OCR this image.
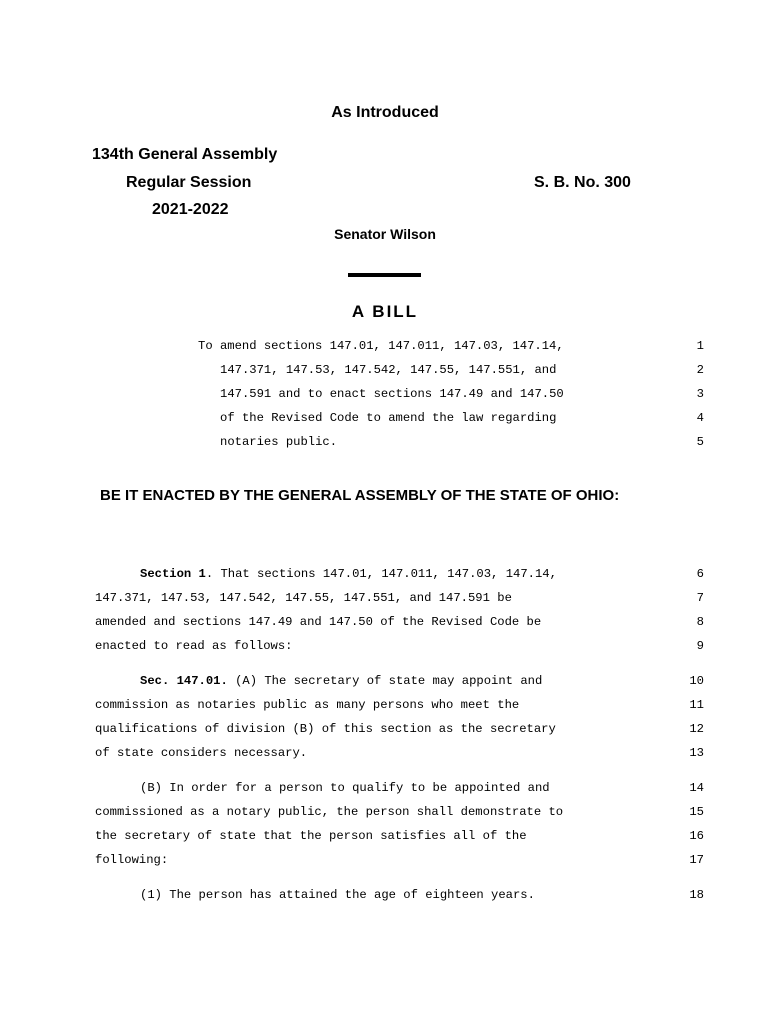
As Introduced
134th General Assembly
Regular Session
2021-2022
S. B. No. 300
Senator Wilson
A BILL
To amend sections 147.01, 147.011, 147.03, 147.14,	1
147.371, 147.53, 147.542, 147.55, 147.551, and	2
147.591 and to enact sections 147.49 and 147.50	3
of the Revised Code to amend the law regarding	4
notaries public.	5
BE IT ENACTED BY THE GENERAL ASSEMBLY OF THE STATE OF OHIO:
Section 1. That sections 147.01, 147.011, 147.03, 147.14,	6
147.371, 147.53, 147.542, 147.55, 147.551, and 147.591 be	7
amended and sections 147.49 and 147.50 of the Revised Code be	8
enacted to read as follows:	9
Sec. 147.01. (A) The secretary of state may appoint and	10
commission as notaries public as many persons who meet the	11
qualifications of division (B) of this section as the secretary	12
of state considers necessary.	13
(B) In order for a person to qualify to be appointed and	14
commissioned as a notary public, the person shall demonstrate to	15
the secretary of state that the person satisfies all of the	16
following:	17
(1) The person has attained the age of eighteen years.	18
